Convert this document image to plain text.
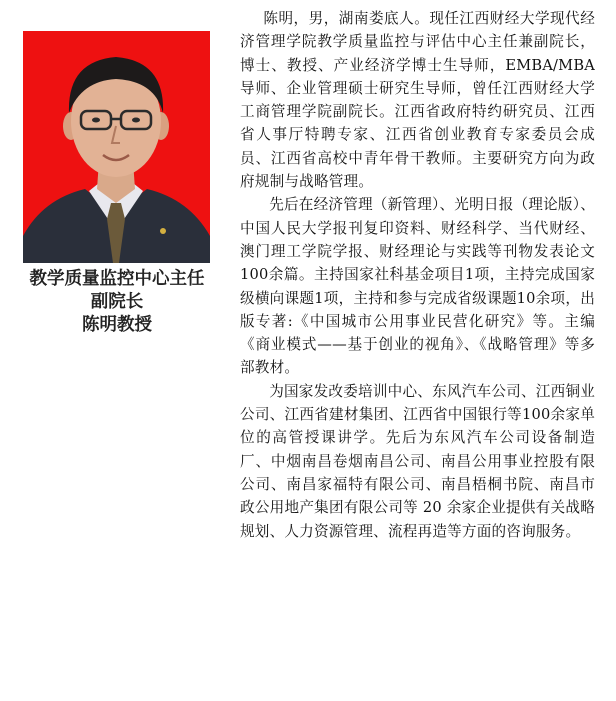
教学质量监控中心主任
副院长
陈明教授

陈明，男，湖南娄底人。现任江西财经大学现代经济管理学院教学质量监控与评估中心主任兼副院长，博士、教授、产业经济学博士生导师，EMBA/MBA导师、企业管理硕士研究生导师，曾任江西财经大学工商管理学院副院长。江西省政府特约研究员、江西省人事厅特聘专家、江西省创业教育专家委员会成员、江西省高校中青年骨干教师。主要研究方向为政府规制与战略管理。

先后在经济管理（新管理）、光明日报（理论版）、中国人民大学报刊复印资料、财经科学、当代财经、澳门理工学院学报、财经理论与实践等刊物发表论文100余篇。主持国家社科基金项目1项，主持完成国家级横向课题1项，主持和参与完成省级课题10余项，出版专著:《中国城市公用事业民营化研究》等。主编《商业模式——基于创业的视角》、《战略管理》等多部教材。

为国家发改委培训中心、东风汽车公司、江西铜业公司、江西省建材集团、江西省中国银行等100余家单位的高管授课讲学。先后为东风汽车公司设备制造厂、中烟南昌卷烟南昌公司、南昌公用事业控股有限公司、南昌家福特有限公司、南昌梧桐书院、南昌市政公用地产集团有限公司等 20 余家企业提供有关战略规划、人力资源管理、流程再造等方面的咨询服务。
